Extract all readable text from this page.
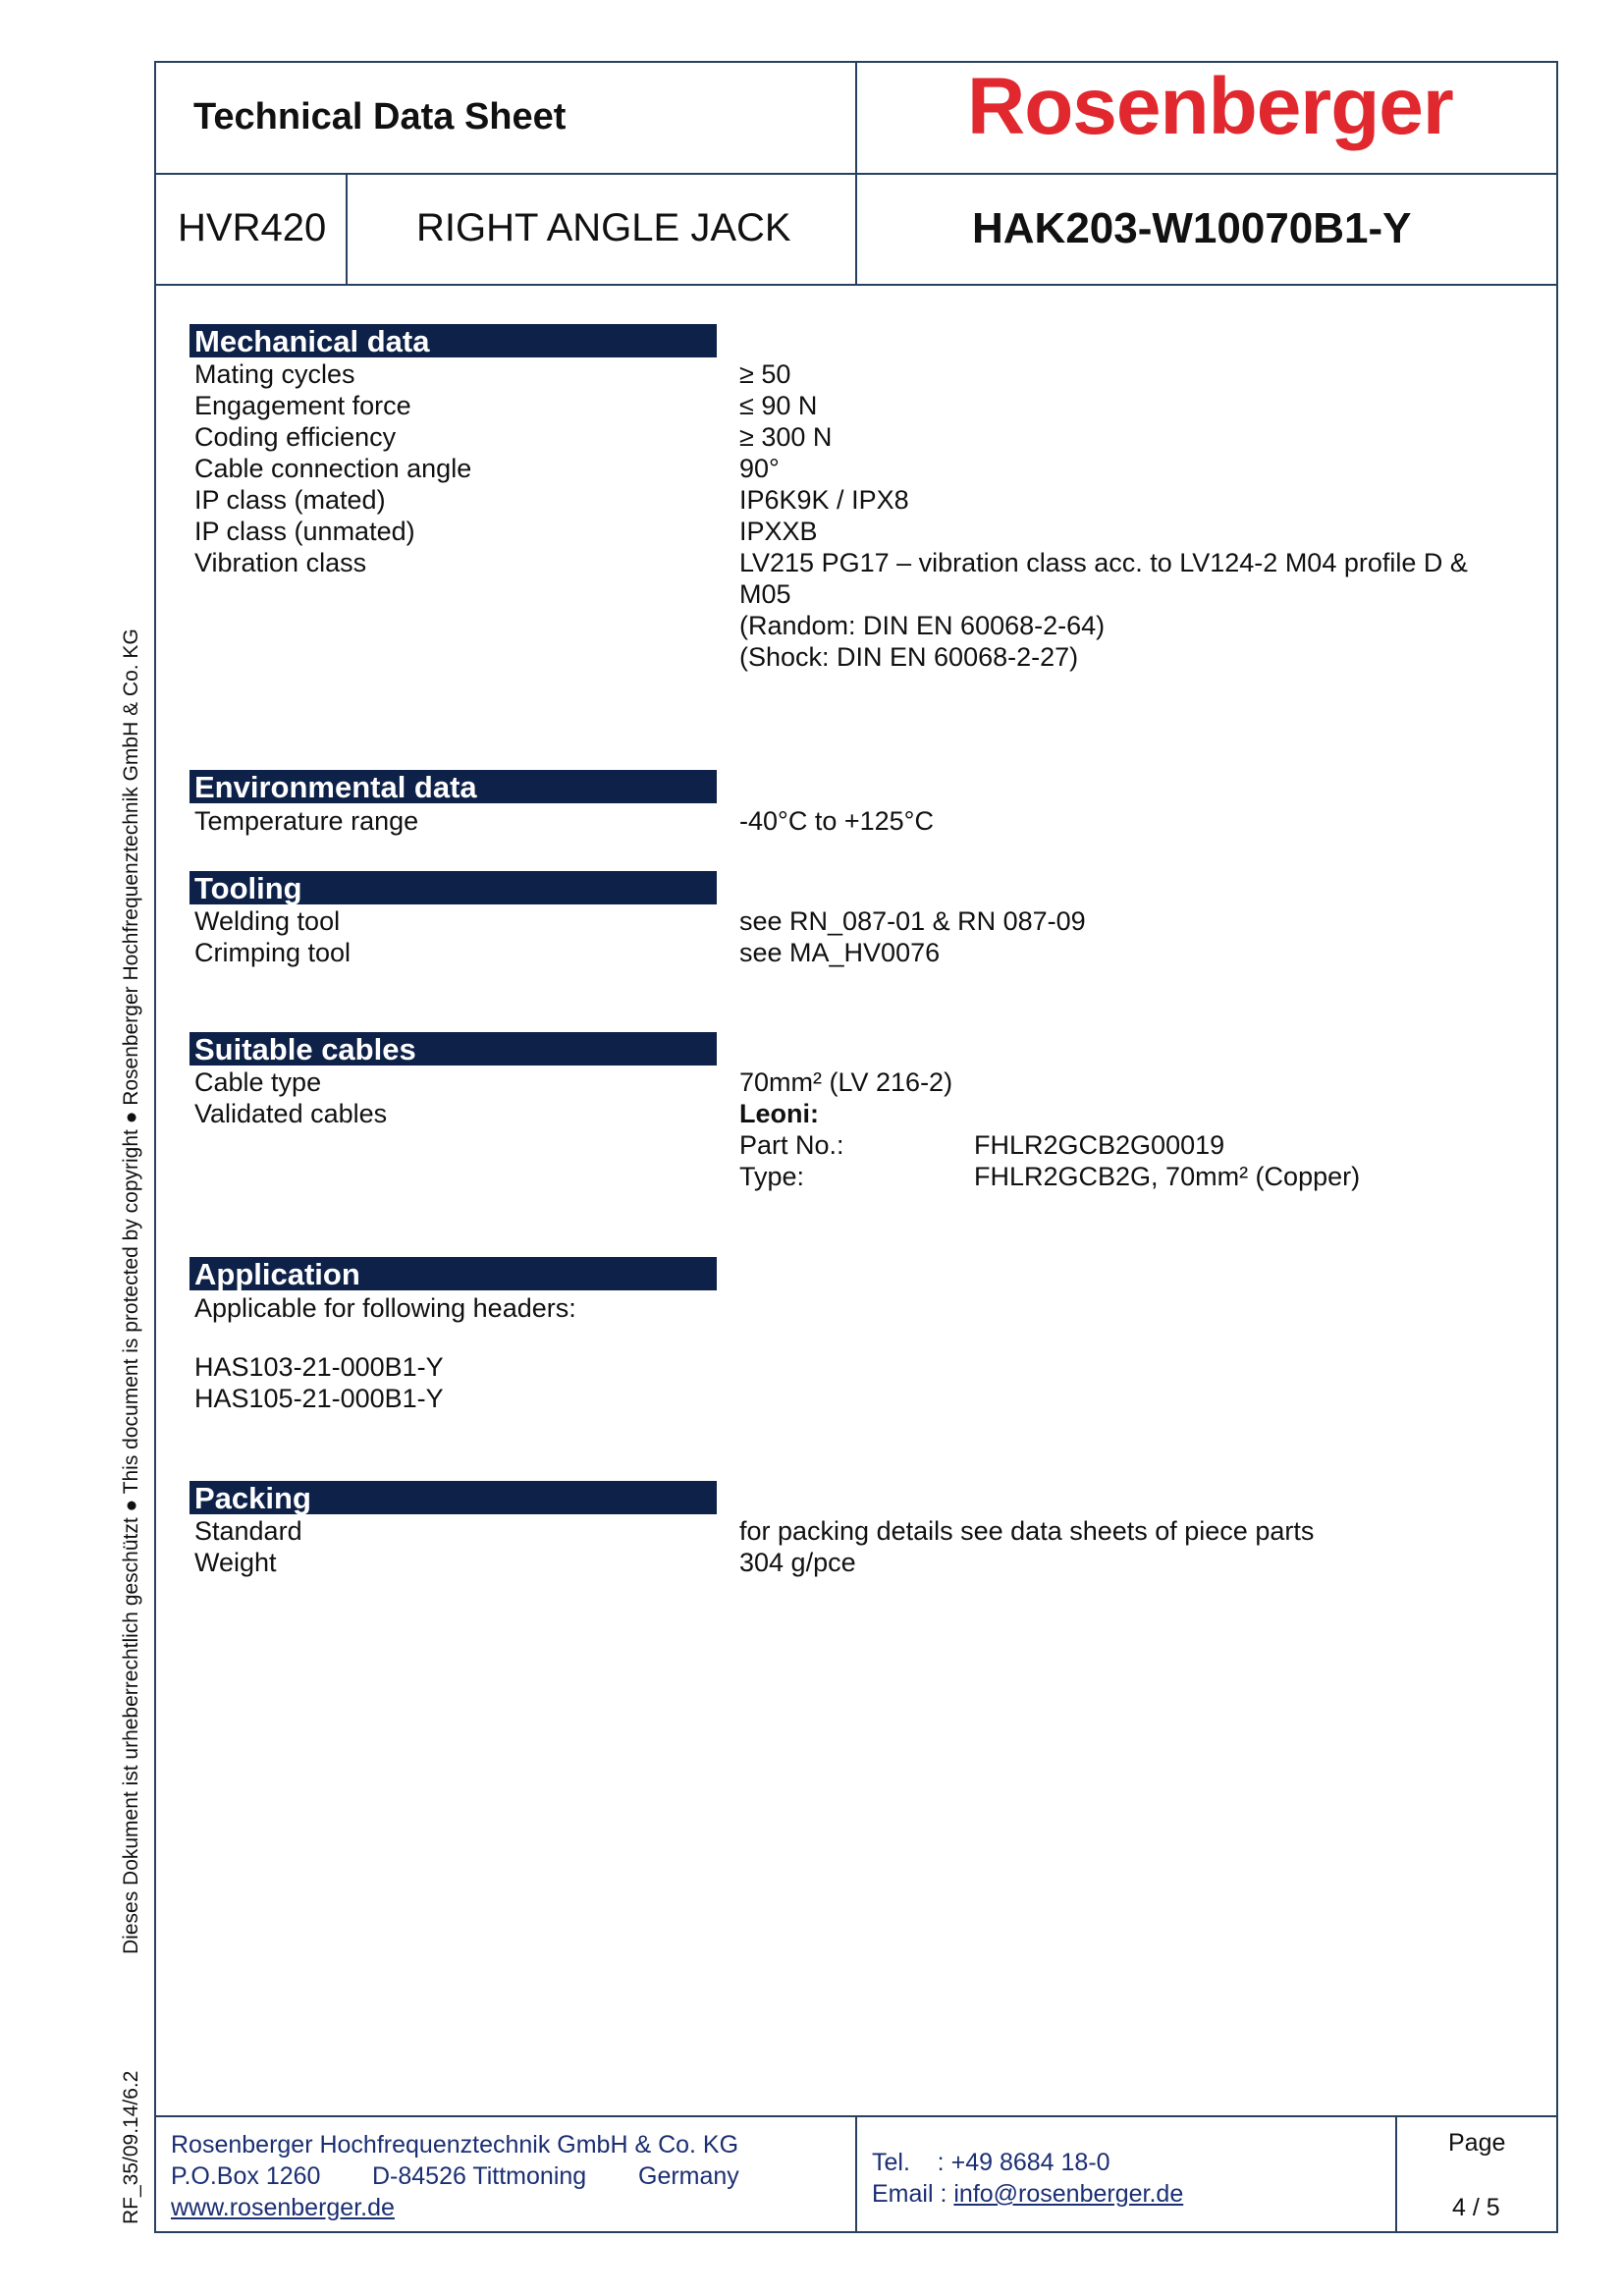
Technical Data Sheet	Rosenberger
HVR420 RIGHT ANGLE JACK	HAK203-W10070B1-Y
Mechanical data
Mating cycles	≥ 50
Engagement force	≤ 90 N
Coding efficiency	≥ 300 N
Cable connection angle	90°
IP class (mated)	IP6K9K / IPX8
IP class (unmated)	IPXXB
Vibration class	LV215 PG17 – vibration class acc. to LV124-2 M04 profile D &
M05
(Random: DIN EN 60068-2-64)
(Shock: DIN EN 60068-2-27)
Environmental data
Temperature range	-40°C to +125°C
Tooling
Welding tool	see RN_087-01 & RN 087-09
Crimping tool	see MA_HV0076
Suitable cables
Cable type	70mm² (LV 216-2)
Validated cables	Leoni:
Part No.:	FHLR2GCB2G00019
Type:	FHLR2GCB2G, 70mm² (Copper)
Application
Applicable for following headers:
HAS103-21-000B1-Y
HAS105-21-000B1-Y
Packing
Standard	for packing details see data sheets of piece parts
Weight	304 g/pce
Dieses Dokument ist urheberrechtlich geschützt ● This document is protected by copyright ● Rosenberger Hochfrequenztechnik GmbH & Co. KG
RF_35/09.14/6.2 Rosenberger Hochfrequenztechnik GmbH & Co. KG
P.O.Box 1260 D-84526 Tittmoning Germany
www.rosenberger.de
Tel.    : +49 8684 18-0
Email : info@rosenberger.de
Page
4 / 5
